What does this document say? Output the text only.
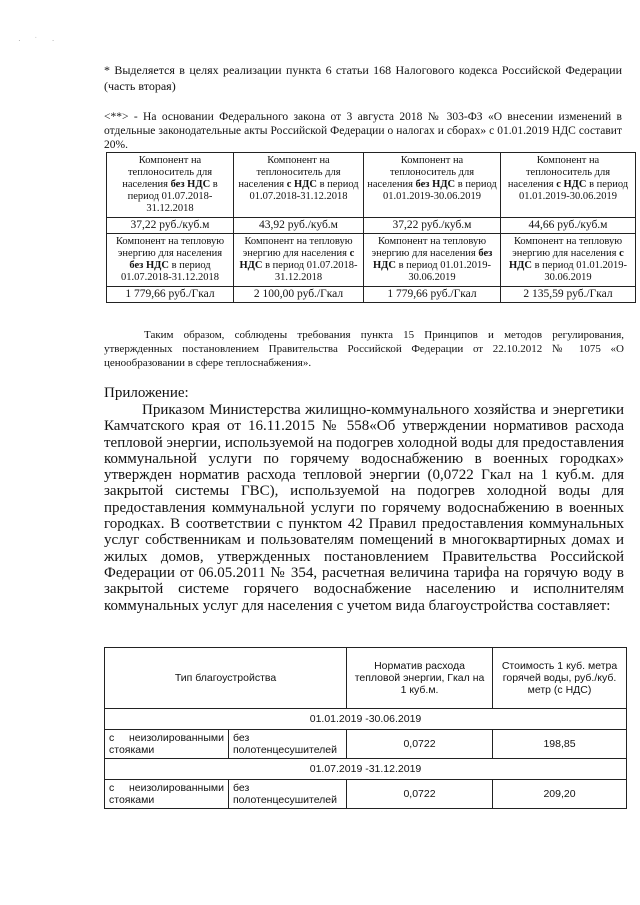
· ˙ ·
* Выделяется в целях реализации пункта 6 статьи 168 Налогового кодекса Российской Федерации (часть вторая)
<**> - На основании Федерального закона от 3 августа 2018 № 303-ФЗ «О внесении изменений в отдельные законодательные акты Российской Федерации о налогах и сборах» с 01.01.2019 НДС составит 20%.
Компонент на теплоноситель для населения без НДС в период 01.07.2018-31.12.2018	Компонент на теплоноситель для населения с НДС в период 01.07.2018-31.12.2018	Компонент на теплоноситель для населения без НДС в период 01.01.2019-30.06.2019	Компонент на теплоноситель для населения с НДС в период 01.01.2019-30.06.2019
37,22 руб./куб.м	43,92 руб./куб.м	37,22 руб./куб.м	44,66 руб./куб.м
Компонент на тепловую энергию для населения без НДС в период 01.07.2018-31.12.2018	Компонент на тепловую энергию для населения с НДС в период 01.07.2018-31.12.2018	Компонент на тепловую энергию для населения без НДС в период 01.01.2019-30.06.2019	Компонент на тепловую энергию для населения с НДС в период 01.01.2019-30.06.2019
1 779,66 руб./Гкал	2 100,00 руб./Гкал	1 779,66 руб./Гкал	2 135,59 руб./Гкал
Таким образом, соблюдены требования пункта 15 Принципов и методов регулирования, утвержденных постановлением Правительства Российской Федерации от 22.10.2012 № 1075 «О ценообразовании в сфере теплоснабжения».
Приложение:
Приказом Министерства жилищно-коммунального хозяйства и энергетики Камчатского края от 16.11.2015 № 558«Об утверждении нормативов расхода тепловой энергии, используемой на подогрев холодной воды для предоставления коммунальной услуги по горячему водоснабжению в военных городках» утвержден норматив расхода тепловой энергии (0,0722 Гкал на 1 куб.м. для закрытой системы ГВС), используемой на подогрев холодной воды для предоставления коммунальной услуги по горячему водоснабжению в военных городках. В соответствии с пунктом 42 Правил предоставления коммунальных услуг собственникам и пользователям помещений в многоквартирных домах и жилых домов, утвержденных постановлением Правительства Российской Федерации от 06.05.2011 № 354, расчетная величина тарифа на горячую воду в закрытой системе горячего водоснабжение населению и исполнителям коммунальных услуг для населения с учетом вида благоустройства составляет:
Тип благоустройства		Норматив расхода тепловой энергии, Гкал на 1 куб.м.	Стоимость 1 куб. метра горячей воды, руб./куб. метр (с НДС)
01.01.2019 -30.06.2019			
с неизолированными стояками	без полотенцесушителей	0,0722	198,85
01.07.2019 -31.12.2019			
с неизолированными стояками	без полотенцесушителей	0,0722	209,20
